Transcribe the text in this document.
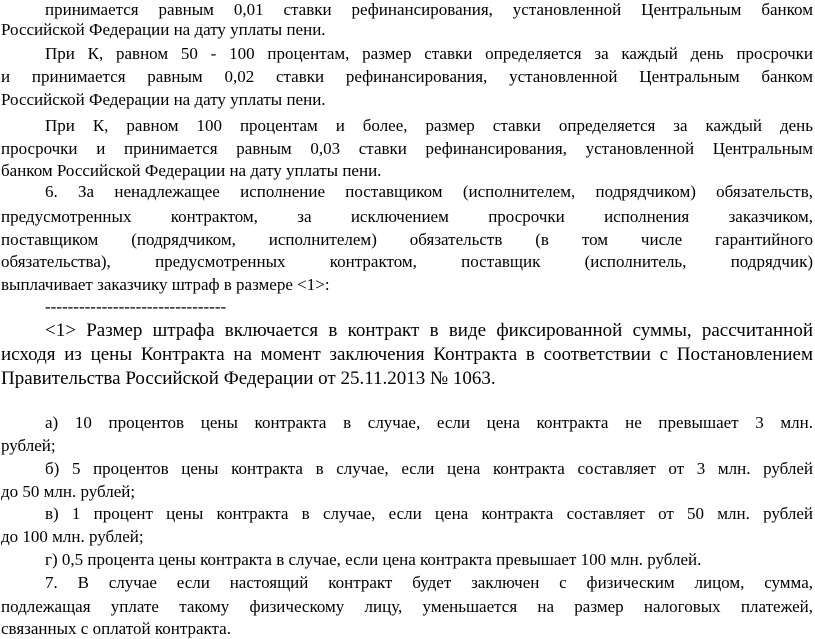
принимается равным 0,01 ставки рефинансирования, установленной Центральным банком
Российской Федерации на дату уплаты пени.
При К, равном 50 - 100 процентам, размер ставки определяется за каждый день просрочки
и принимается равным 0,02 ставки рефинансирования, установленной Центральным банком
Российской Федерации на дату уплаты пени.
При К, равном 100 процентам и более, размер ставки определяется за каждый день
просрочки и принимается равным 0,03 ставки рефинансирования, установленной Центральным
банком Российской Федерации на дату уплаты пени.
6. За ненадлежащее исполнение поставщиком (исполнителем, подрядчиком) обязательств,
предусмотренных контрактом, за исключением просрочки исполнения заказчиком,
поставщиком (подрядчиком, исполнителем) обязательств (в том числе гарантийного
обязательства), предусмотренных контрактом, поставщик (исполнитель, подрядчик)
выплачивает заказчику штраф в размере <1>:
--------------------------------
<1> Размер штрафа включается в контракт в виде фиксированной суммы, рассчитанной
исходя из цены Контракта на момент заключения Контракта в соответствии с Постановлением
Правительства Российской Федерации от 25.11.2013 № 1063.
а) 10 процентов цены контракта в случае, если цена контракта не превышает 3 млн.
рублей;
б) 5 процентов цены контракта в случае, если цена контракта составляет от 3 млн. рублей
до 50 млн. рублей;
в) 1 процент цены контракта в случае, если цена контракта составляет от 50 млн. рублей
до 100 млн. рублей;
г) 0,5 процента цены контракта в случае, если цена контракта превышает 100 млн. рублей.
7. В случае если настоящий контракт будет заключен с физическим лицом, сумма,
подлежащая уплате такому физическому лицу, уменьшается на размер налоговых платежей,
связанных с оплатой контракта.
